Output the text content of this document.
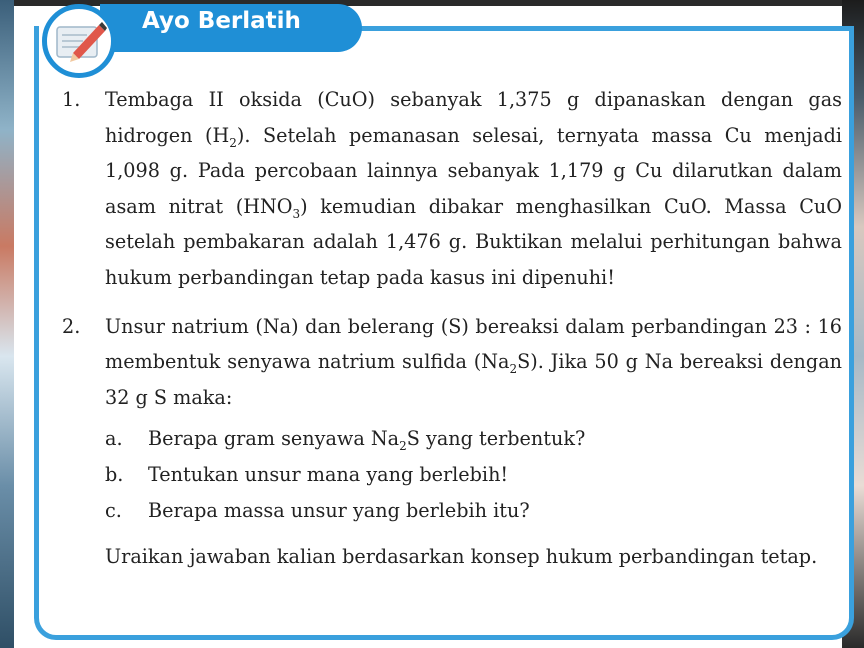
Ayo Berlatih
1. Tembaga II oksida (CuO) sebanyak 1,375 g dipanaskan dengan gas hidrogen $(H_2)$. Setelah pemanasan selesai, ternyata massa Cu menjadi 1,098 g. Pada percobaan lainnya sebanyak 1,179 g Cu dilarutkan dalam asam nitrat $(HNO_3)$ kemudian dibakar menghasilkan CuO. Massa CuO setelah pembakaran adalah 1,476 g. Buktikan melalui perhitungan bahwa hukum perbandingan tetap pada kasus ini dipenuhi!
2. Unsur natrium (Na) dan belerang (S) bereaksi dalam perbandingan 23 : 16 membentuk senyawa natrium sulfida $(Na_2S)$. Jika 50 g Na bereaksi dengan 32 g S maka:
a. Berapa gram senyawa $Na_2S$ yang terbentuk?
b. Tentukan unsur mana yang berlebih!
c. Berapa massa unsur yang berlebih itu?
Uraikan jawaban kalian berdasarkan konsep hukum perbandingan tetap.
